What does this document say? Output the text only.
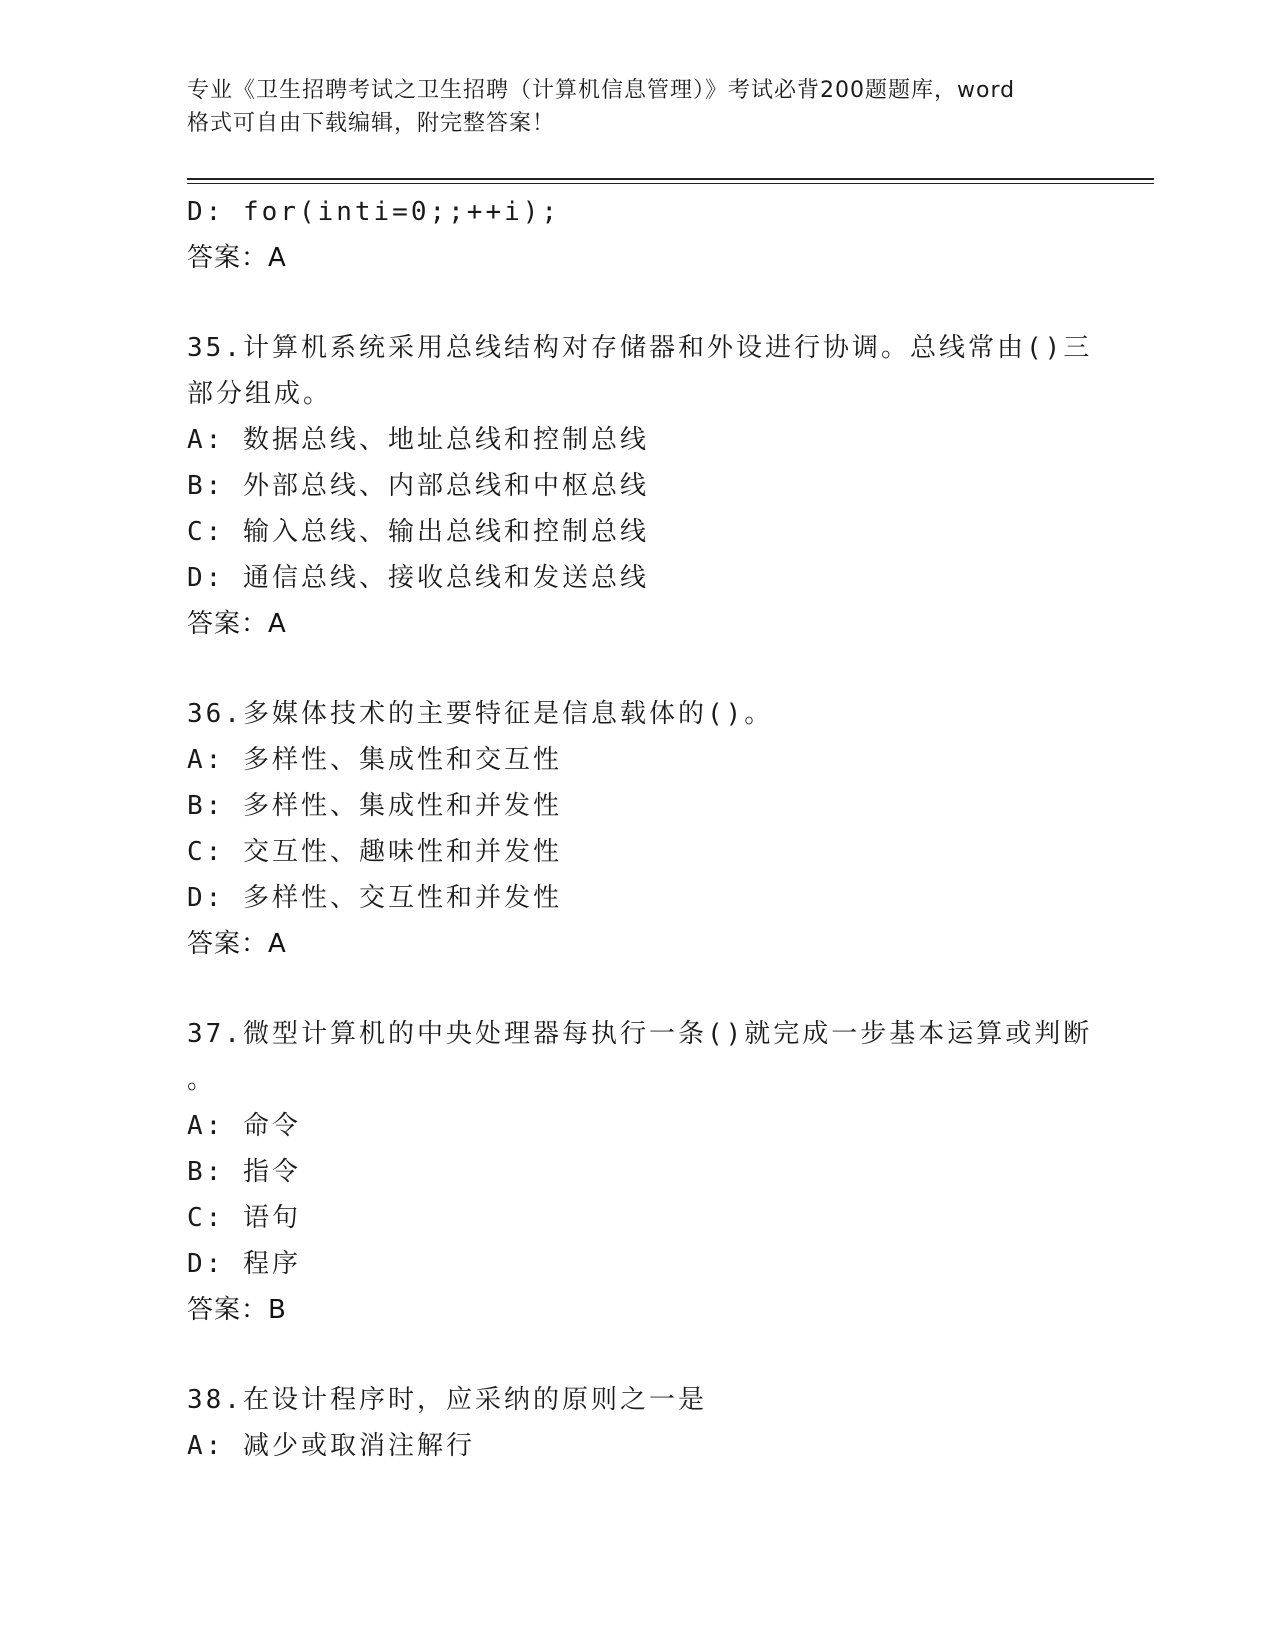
专业《卫生招聘考试之卫生招聘（计算机信息管理）》考试必背200题题库，word
格式可自由下载编辑，附完整答案！
D: for(inti=0;;++i);
答案：A
35.计算机系统采用总线结构对存储器和外设进行协调。总线常由()三
部分组成。
A: 数据总线、地址总线和控制总线
B: 外部总线、内部总线和中枢总线
C: 输入总线、输出总线和控制总线
D: 通信总线、接收总线和发送总线
答案：A
36.多媒体技术的主要特征是信息载体的()。
A: 多样性、集成性和交互性
B: 多样性、集成性和并发性
C: 交互性、趣味性和并发性
D: 多样性、交互性和并发性
答案：A
37.微型计算机的中央处理器每执行一条()就完成一步基本运算或判断
。
A: 命令
B: 指令
C: 语句
D: 程序
答案：B
38.在设计程序时，应采纳的原则之一是
A: 减少或取消注解行
